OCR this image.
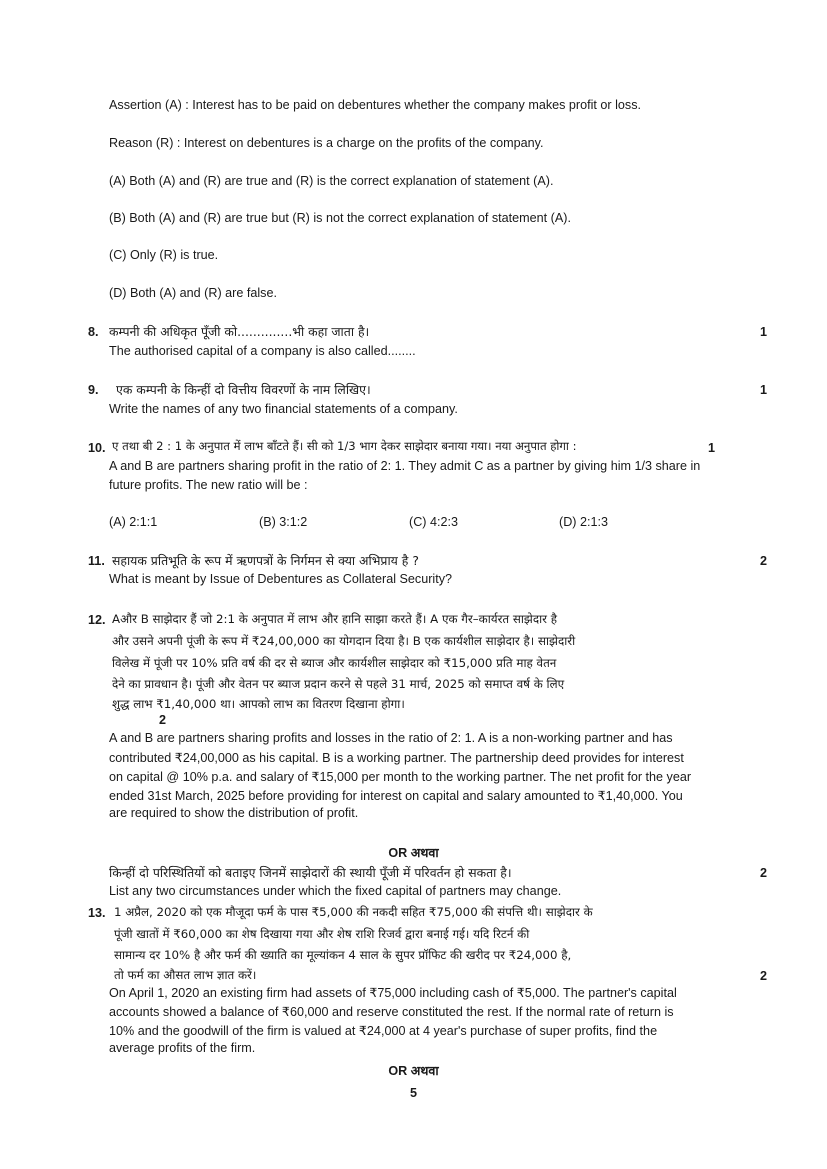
Assertion (A) : Interest has to be paid on debentures whether the company makes profit or loss.
Reason (R) : Interest on debentures is a charge on the profits of the company.
(A) Both (A) and (R) are true and (R) is the correct explanation of statement (A).
(B) Both (A) and (R) are true but (R) is not the correct explanation of statement (A).
(C) Only (R) is true.
(D) Both (A) and (R) are false.
8. कम्पनी की अधिकृत पूँजी को..............भी कहा जाता है।	1
The authorised capital of a company is also called........
9. एक कम्पनी के किन्हीं दो वित्तीय विवरणों के नाम लिखिए।	1
Write the names of any two financial statements of a company.
10. ए तथा बी 2 : 1 के अनुपात में लाभ बाँटते हैं। सी को 1/3 भाग देकर साझेदार बनाया गया। नया अनुपात होगा :	1
A and B are partners sharing profit in the ratio of 2: 1. They admit C as a partner by giving him 1/3 share in
future profits. The new ratio will be :
(A) 2:1:1	(B) 3:1:2	(C) 4:2:3	(D) 2:1:3
11. सहायक प्रतिभूति के रूप में ऋणपत्रों के निर्गमन से क्या अभिप्राय है ?	2
What is meant by Issue of Debentures as Collateral Security?
12. Aऔर B साझेदार हैं जो 2:1 के अनुपात में लाभ और हानि साझा करते हैं। A एक गैर–कार्यरत साझेदार है
और उसने अपनी पूंजी के रूप में ₹24,00,000 का योगदान दिया है। B एक कार्यशील साझेदार है। साझेदारी
विलेख में पूंजी पर 10% प्रति वर्ष की दर से ब्याज और कार्यशील साझेदार को ₹15,000 प्रति माह वेतन
देने का प्रावधान है। पूंजी और वेतन पर ब्याज प्रदान करने से पहले 31 मार्च, 2025 को समाप्त वर्ष के लिए
शुद्ध लाभ ₹1,40,000 था। आपको लाभ का वितरण दिखाना होगा।
2
A and B are partners sharing profits and losses in the ratio of 2: 1. A is a non-working partner and has
contributed ₹24,00,000 as his capital. B is a working partner. The partnership deed provides for interest
on capital @ 10% p.a. and salary of ₹15,000 per month to the working partner. The net profit for the year
ended 31st March, 2025 before providing for interest on capital and salary amounted to ₹1,40,000. You
are required to show the distribution of profit.
OR अथवा
किन्हीं दो परिस्थितियों को बताइए जिनमें साझेदारों की स्थायी पूँजी में परिवर्तन हो सकता है।	2
List any two circumstances under which the fixed capital of partners may change.
13. 1 अप्रैल, 2020 को एक मौजूदा फर्म के पास ₹5,000 की नकदी सहित ₹75,000 की संपत्ति थी। साझेदार के
पूंजी खातों में ₹60,000 का शेष दिखाया गया और शेष राशि रिजर्व द्वारा बनाई गई। यदि रिटर्न की
सामान्य दर 10% है और फर्म की ख्याति का मूल्यांकन 4 साल के सुपर प्रॉफिट की खरीद पर ₹24,000 है,
तो फर्म का औसत लाभ ज्ञात करें।	2
On April 1, 2020 an existing firm had assets of ₹75,000 including cash of ₹5,000. The partner's capital
accounts showed a balance of ₹60,000 and reserve constituted the rest. If the normal rate of return is
10% and the goodwill of the firm is valued at ₹24,000 at 4 year's purchase of super profits, find the
average profits of the firm.
OR अथवा
5
